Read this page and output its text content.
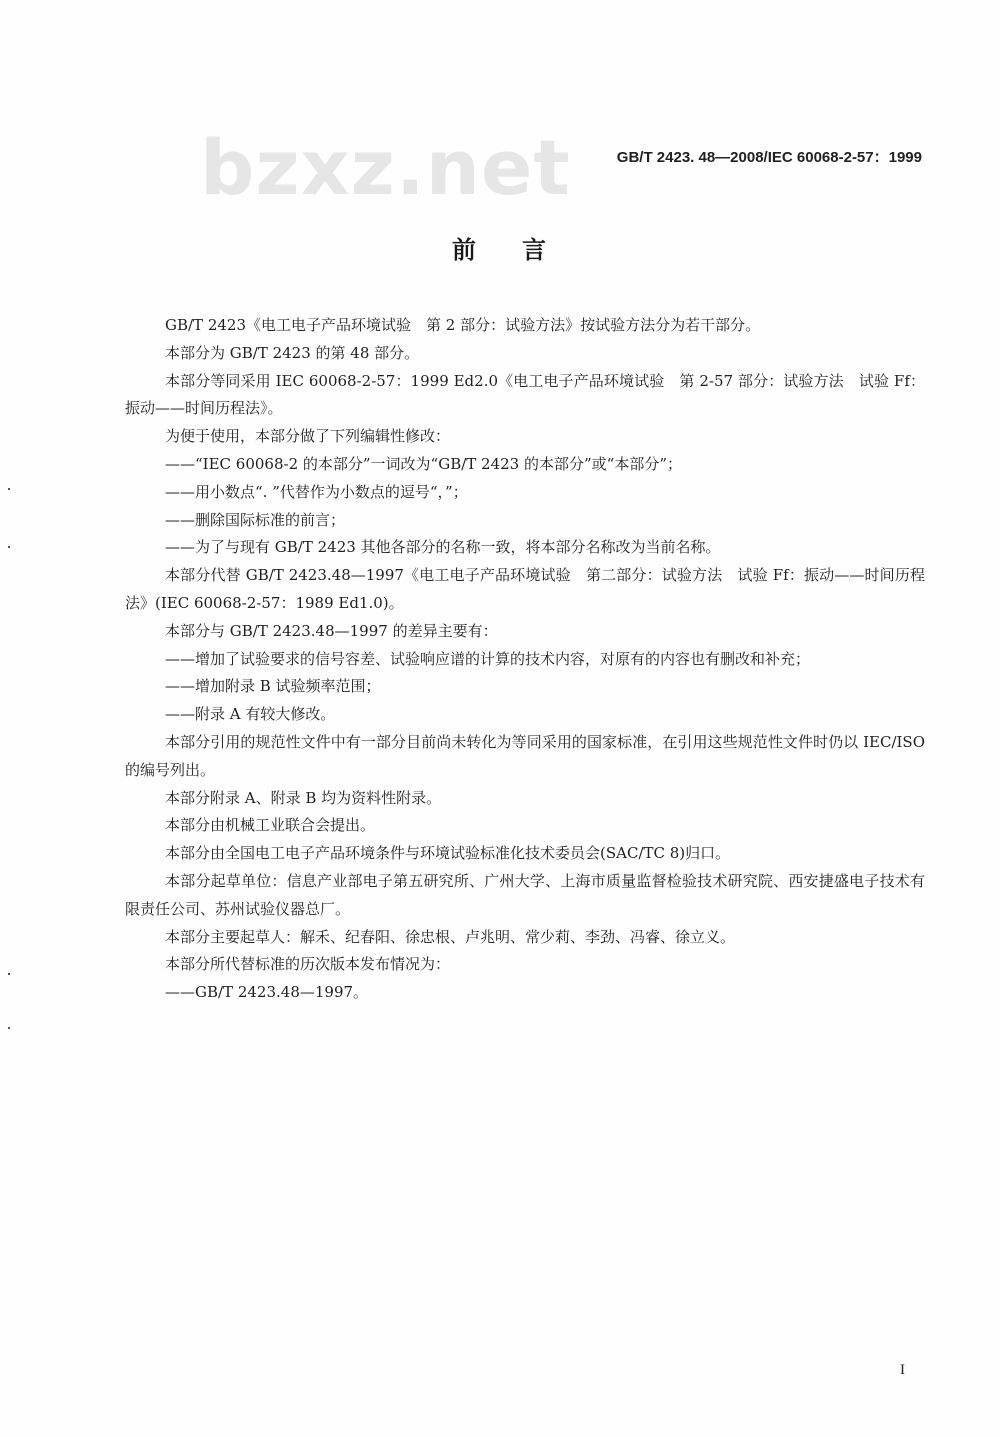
bzxz.net	GB/T 2423. 48—2008/IEC 60068-2-57：1999
前 言

GB/T 2423《电工电子产品环境试验　第 2 部分：试验方法》按试验方法分为若干部分。

本部分为 GB/T 2423 的第 48 部分。

本部分等同采用 IEC 60068-2-57：1999 Ed2.0《电工电子产品环境试验　第 2-57 部分：试验方法　试验 Ff：振动——时间历程法》。

为便于使用，本部分做了下列编辑性修改：

——“IEC 60068-2 的本部分”一词改为“GB/T 2423 的本部分”或“本部分”；

——用小数点“. ”代替作为小数点的逗号“，”；

——删除国际标准的前言；

——为了与现有 GB/T 2423 其他各部分的名称一致，将本部分名称改为当前名称。

本部分代替 GB/T 2423.48—1997《电工电子产品环境试验　第二部分：试验方法　试验 Ff：振动——时间历程法》(IEC 60068-2-57：1989 Ed1.0)。

本部分与 GB/T 2423.48—1997 的差异主要有：

——增加了试验要求的信号容差、试验响应谱的计算的技术内容，对原有的内容也有删改和补充；

——增加附录 B 试验频率范围；

——附录 A 有较大修改。

本部分引用的规范性文件中有一部分目前尚未转化为等同采用的国家标准，在引用这些规范性文件时仍以 IEC/ISO 的编号列出。

本部分附录 A、附录 B 均为资料性附录。

本部分由机械工业联合会提出。

本部分由全国电工电子产品环境条件与环境试验标准化技术委员会(SAC/TC 8)归口。

本部分起草单位：信息产业部电子第五研究所、广州大学、上海市质量监督检验技术研究院、西安捷盛电子技术有限责任公司、苏州试验仪器总厂。

本部分主要起草人：解禾、纪春阳、徐忠根、卢兆明、常少莉、李劲、冯睿、徐立义。

本部分所代替标准的历次版本发布情况为：

——GB/T 2423.48—1997。

I
